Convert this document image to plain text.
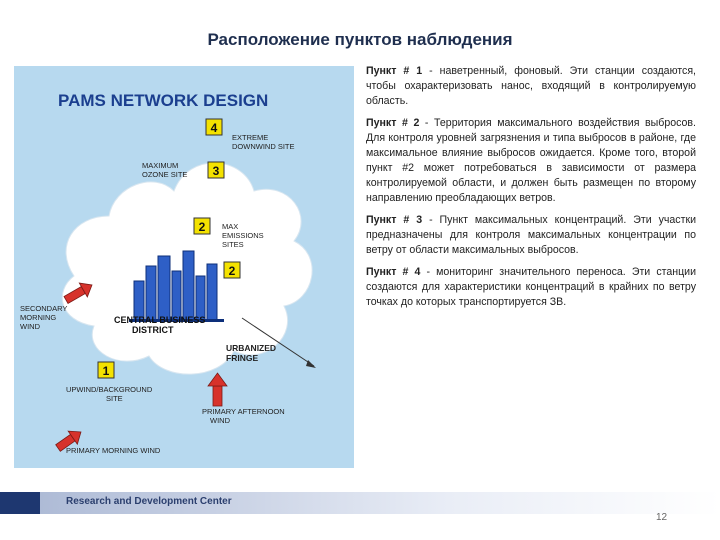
Расположение пунктов наблюдения
PAMS NETWORK DESIGN
4
3
2
2
1
EXTREME
DOWNWIND SITE
MAXIMUM
OZONE SITE
MAX
EMISSIONS
SITES
SECONDARY
MORNING
WIND
CENTRAL BUSINESS
DISTRICT
URBANIZED
FRINGE
UPWIND/BACKGROUND
SITE
PRIMARY AFTERNOON
WIND
PRIMARY MORNING WIND

Пункт # 1 - наветренный, фоновый. Эти станции создаются, чтобы охарактеризовать нанос, входящий в контролируемую область.

Пункт # 2 - Территория максимального воздействия выбросов. Для контроля уровней загрязнения и типа выбросов в районе, где максимальное влияние выбросов ожидается. Кроме того, второй пункт #2 может потребоваться в зависимости от размера контролируемой области, и должен быть размещен по второму направлению преобладающих ветров.

Пункт # 3 - Пункт максимальных концентраций. Эти участки предназначены для контроля максимальных концентрации по ветру от области максимальных выбросов.

Пункт # 4 - мониторинг значительного переноса. Эти станции создаются для характеристики концентраций в крайних по ветру точках до которых транспортируется ЗВ.

Research and Development Center
12
